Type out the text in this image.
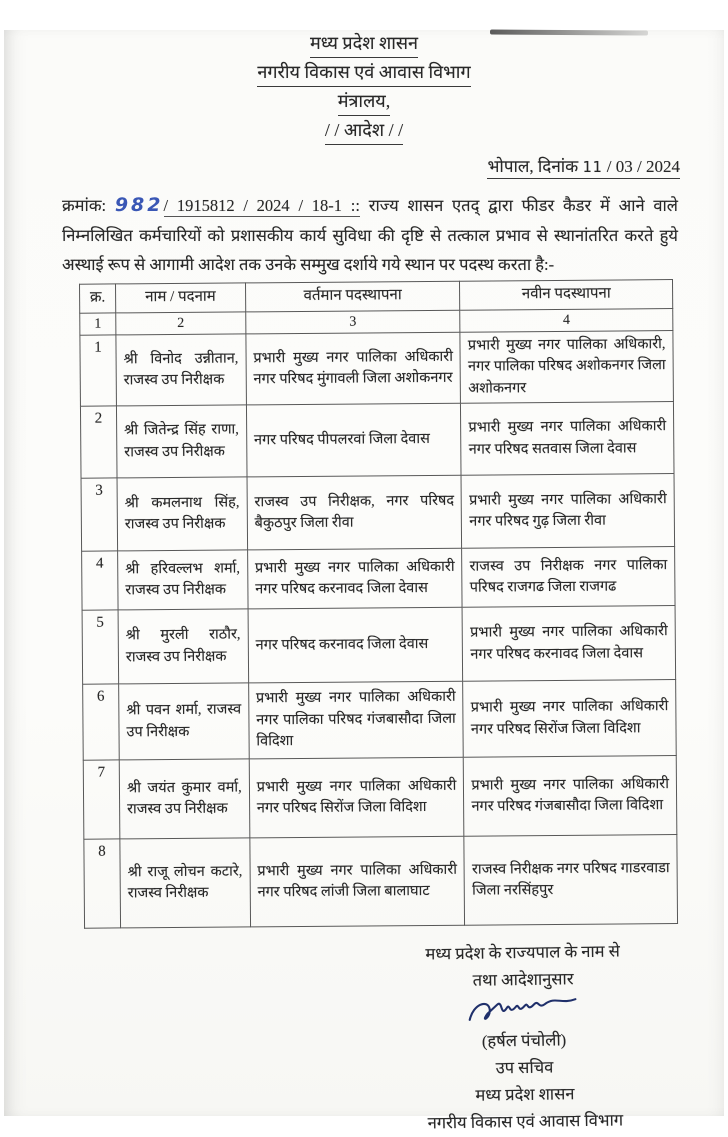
मध्य प्रदेश शासन
नगरीय विकास एवं आवास विभाग
मंत्रालय,
/ / आदेश / /
भोपाल, दिनांक 11 / 03 / 2024

क्रमांक: 982/ 1915812 / 2024 / 18-1 :: राज्य शासन एतद् द्वारा फीडर कैडर में आने वाले निम्नलिखित कर्मचारियों को प्रशासकीय कार्य सुविधा की दृष्टि से तत्काल प्रभाव से स्थानांतरित करते हुये अस्थाई रूप से आगामी आदेश तक उनके सम्मुख दर्शाये गये स्थान पर पदस्थ करता है:-

क्र.	नाम / पदनाम	वर्तमान पदस्थापना	नवीन पदस्थापना
1	2	3	4
1	श्री विनोद उन्नीतान, राजस्व उप निरीक्षक	प्रभारी मुख्य नगर पालिका अधिकारी नगर परिषद मुंगावली जिला अशोकनगर	प्रभारी मुख्य नगर पालिका अधिकारी, नगर पालिका परिषद अशोकनगर जिला अशोकनगर
2	श्री जितेन्द्र सिंह राणा, राजस्व उप निरीक्षक	नगर परिषद पीपलरवां जिला देवास	प्रभारी मुख्य नगर पालिका अधिकारी नगर परिषद सतवास जिला देवास
3	श्री कमलनाथ सिंह, राजस्व उप निरीक्षक	राजस्व उप निरीक्षक, नगर परिषद बैकुठपुर जिला रीवा	प्रभारी मुख्य नगर पालिका अधिकारी नगर परिषद गुढ़ जिला रीवा
4	श्री हरिवल्लभ शर्मा, राजस्व उप निरीक्षक	प्रभारी मुख्य नगर पालिका अधिकारी नगर परिषद करनावद जिला देवास	राजस्व उप निरीक्षक नगर पालिका परिषद राजगढ जिला राजगढ
5	श्री मुरली राठौर, राजस्व उप निरीक्षक	नगर परिषद करनावद जिला देवास	प्रभारी मुख्य नगर पालिका अधिकारी नगर परिषद करनावद जिला देवास
6	श्री पवन शर्मा, राजस्व उप निरीक्षक	प्रभारी मुख्य नगर पालिका अधिकारी नगर पालिका परिषद गंजबासौदा जिला विदिशा	प्रभारी मुख्य नगर पालिका अधिकारी नगर परिषद सिरोंज जिला विदिशा
7	श्री जयंत कुमार वर्मा, राजस्व उप निरीक्षक	प्रभारी मुख्य नगर पालिका अधिकारी नगर परिषद सिरोंज जिला विदिशा	प्रभारी मुख्य नगर पालिका अधिकारी नगर परिषद गंजबासौदा जिला विदिशा
8	श्री राजू लोचन कटारे, राजस्व निरीक्षक	प्रभारी मुख्य नगर पालिका अधिकारी नगर परिषद लांजी जिला बालाघाट	राजस्व निरीक्षक नगर परिषद गाडरवाडा जिला नरसिंहपुर
मध्य प्रदेश के राज्यपाल के नाम से
तथा आदेशानुसार
(हर्षल पंचोली)
उप सचिव
मध्य प्रदेश शासन
नगरीय विकास एवं आवास विभाग
